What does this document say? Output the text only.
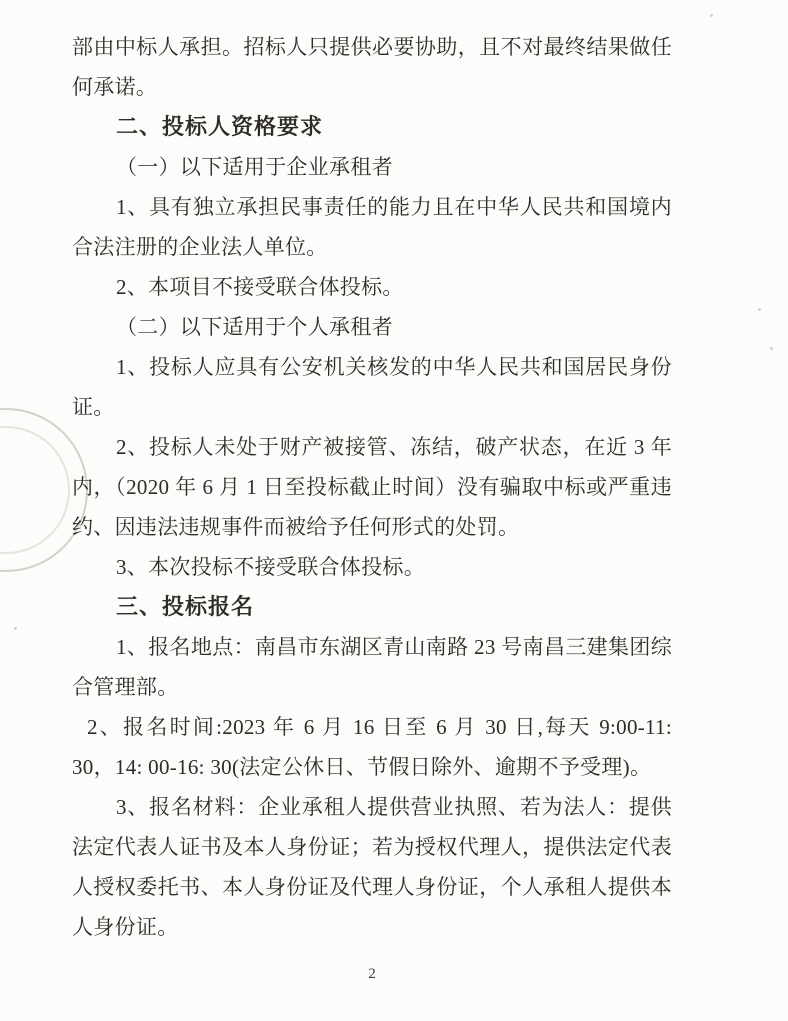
部由中标人承担。招标人只提供必要协助，且不对最终结果做任
何承诺。
二、投标人资格要求
（一）以下适用于企业承租者
1、具有独立承担民事责任的能力且在中华人民共和国境内
合法注册的企业法人单位。
2、本项目不接受联合体投标。
（二）以下适用于个人承租者
1、投标人应具有公安机关核发的中华人民共和国居民身份
证。
2、投标人未处于财产被接管、冻结，破产状态，在近 3 年
内，（2020 年 6 月 1 日至投标截止时间）没有骗取中标或严重违
约、因违法违规事件而被给予任何形式的处罚。
3、本次投标不接受联合体投标。
三、投标报名
1、报名地点：南昌市东湖区青山南路 23 号南昌三建集团综
合管理部。
2、报名时间:2023 年 6 月 16 日至 6 月 30 日,每天 9:00-11:
30，14: 00-16: 30(法定公休日、节假日除外、逾期不予受理)。
3、报名材料：企业承租人提供营业执照、若为法人：提供
法定代表人证书及本人身份证；若为授权代理人，提供法定代表
人授权委托书、本人身份证及代理人身份证，个人承租人提供本
人身份证。
2
